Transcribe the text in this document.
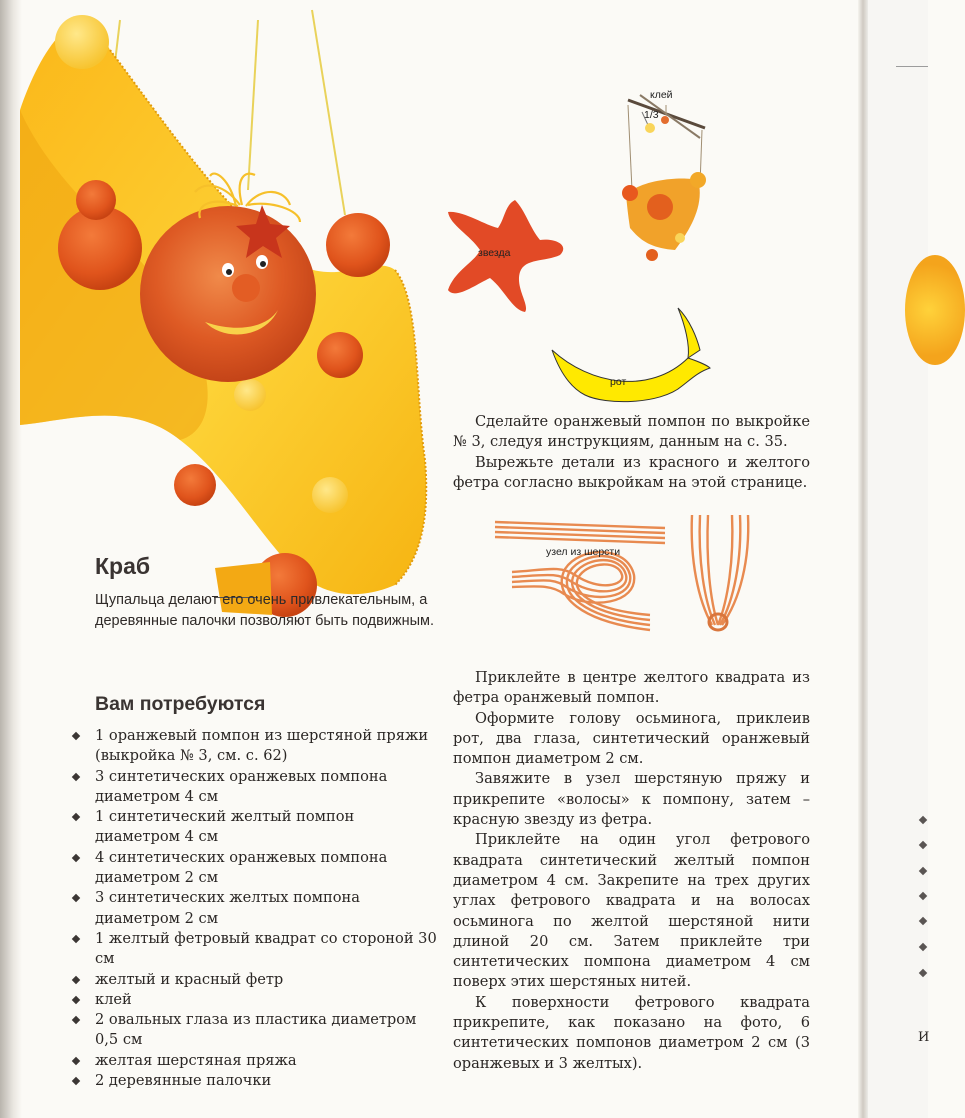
И
клей
1/3
звезда
рот
узел из шерсти
Краб

Щупальца делают его очень привлекательным, а деревянные палочки позволяют быть подвижным.

Вам потребуются
1 оранжевый помпон из шерстяной пряжи (выкройка № 3, см. с. 62)
3 синтетических оранжевых помпона диаметром 4 см
1 синтетический желтый помпон диаметром 4 см
4 синтетических оранжевых помпона диаметром 2 см
3 синтетических желтых помпона диаметром 2 см
1 желтый фетровый квадрат со стороной 30 см
желтый и красный фетр
клей
2 овальных глаза из пластика диаметром 0,5 см
желтая шерстяная пряжа
2 деревянные палочки

Сделайте оранжевый помпон по выкройке № 3, следуя инструкциям, данным на с. 35.

Вырежьте детали из красного и желтого фетра согласно выкройкам на этой странице.

Приклейте в центре желтого квадрата из фетра оранжевый помпон.

Оформите голову осьминога, приклеив рот, два глаза, синтетический оранжевый помпон диаметром 2 см.

Завяжите в узел шерстяную пряжу и прикрепите «волосы» к помпону, затем – красную звезду из фетра.

Приклейте на один угол фетрового квадрата синтетический желтый помпон диаметром 4 см. Закрепите на трех других углах фетрового квадрата и на волосах осьминога по желтой шерстяной нити длиной 20 см. Затем приклейте три синтетических помпона диаметром 4 см поверх этих шерстяных нитей.

К поверхности фетрового квадрата прикрепите, как показано на фото, 6 синтетических помпонов диаметром 2 см (3 оранжевых и 3 желтых).
